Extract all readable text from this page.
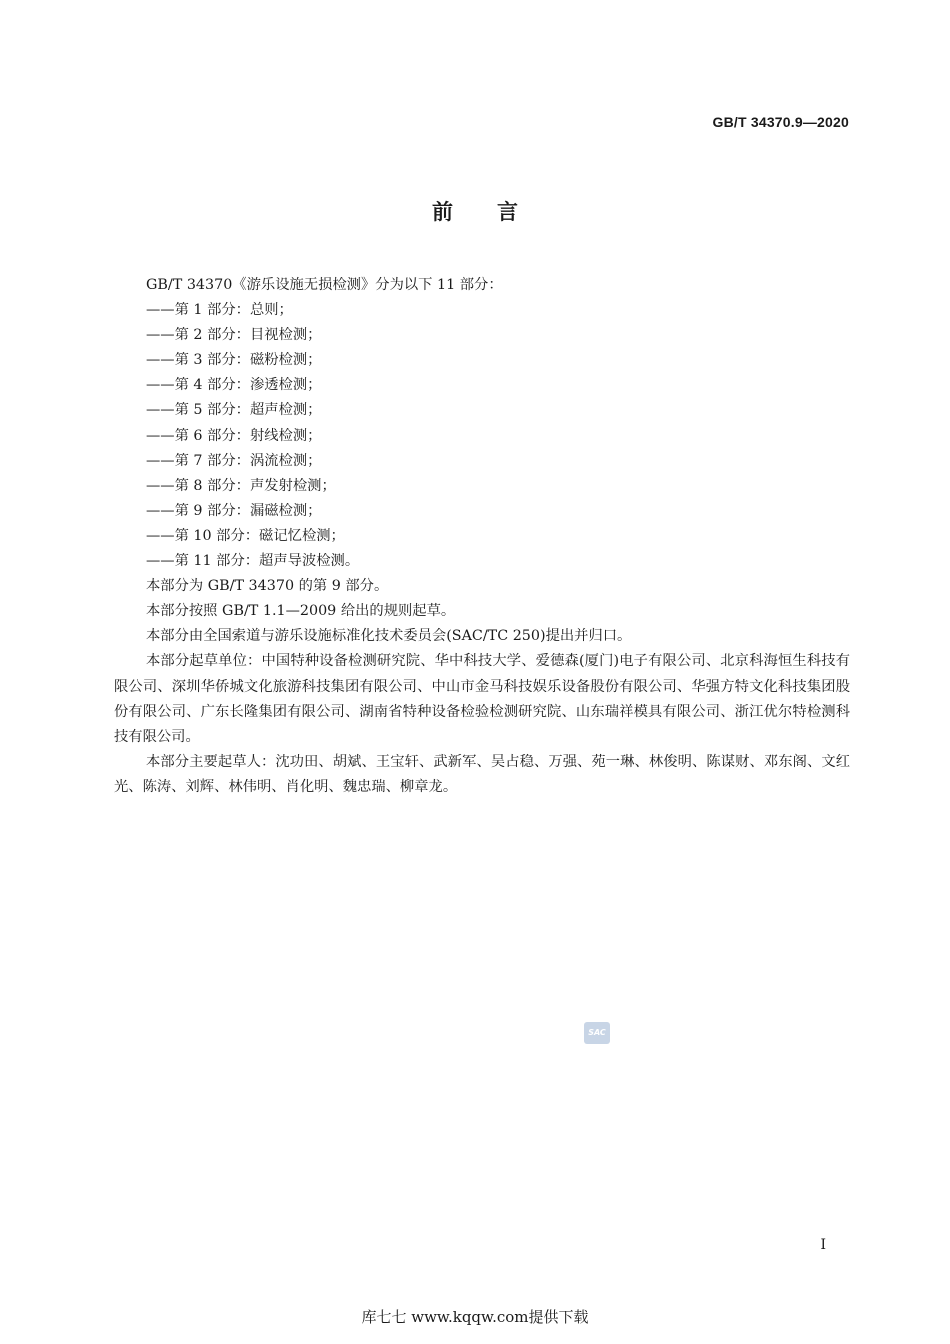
GB/T 34370.9—2020
前言

GB/T 34370《游乐设施无损检测》分为以下 11 部分：

——第 1 部分：总则；

——第 2 部分：目视检测；

——第 3 部分：磁粉检测；

——第 4 部分：渗透检测；

——第 5 部分：超声检测；

——第 6 部分：射线检测；

——第 7 部分：涡流检测；

——第 8 部分：声发射检测；

——第 9 部分：漏磁检测；

——第 10 部分：磁记忆检测；

——第 11 部分：超声导波检测。

本部分为 GB/T 34370 的第 9 部分。

本部分按照 GB/T 1.1—2009 给出的规则起草。

本部分由全国索道与游乐设施标准化技术委员会(SAC/TC 250)提出并归口。

本部分起草单位：中国特种设备检测研究院、华中科技大学、爱德森(厦门)电子有限公司、北京科海恒生科技有限公司、深圳华侨城文化旅游科技集团有限公司、中山市金马科技娱乐设备股份有限公司、华强方特文化科技集团股份有限公司、广东长隆集团有限公司、湖南省特种设备检验检测研究院、山东瑞祥模具有限公司、浙江优尔特检测科技有限公司。

本部分主要起草人：沈功田、胡斌、王宝轩、武新军、吴占稳、万强、苑一琳、林俊明、陈谋财、邓东阁、文红光、陈涛、刘辉、林伟明、肖化明、魏忠瑞、柳章龙。

SAC
I
库七七 www.kqqw.com提供下载
